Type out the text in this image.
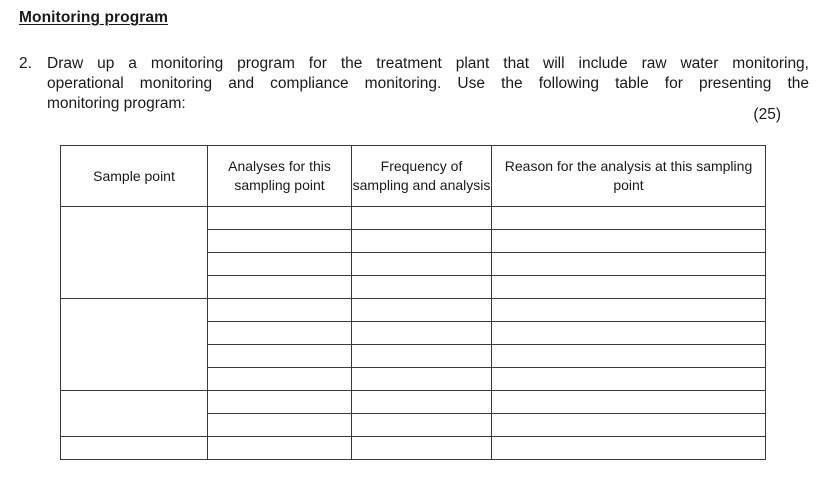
Monitoring program
2. Draw up a monitoring program for the treatment plant that will include raw water monitoring,
operational monitoring and compliance monitoring. Use the following table for presenting the
monitoring program:
(25)
Sample point	Analyses for this sampling point	Frequency of sampling and analysis	Reason for the analysis at this sampling point
